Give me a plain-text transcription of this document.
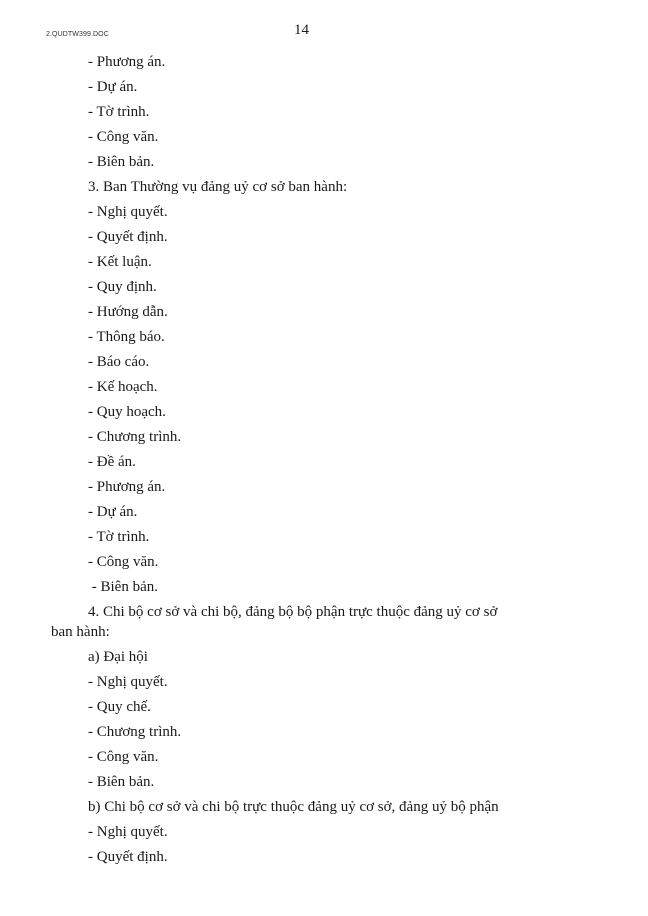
2.QUDTW399.DOC	14
- Phương án.
- Dự án.
- Tờ trình.
- Công văn.
- Biên bản.
3. Ban Thường vụ đảng uỷ cơ sở ban hành:
- Nghị quyết.
- Quyết định.
- Kết luận.
- Quy định.
- Hướng dẫn.
- Thông báo.
- Báo cáo.
- Kế hoạch.
- Quy hoạch.
- Chương trình.
- Đề án.
- Phương án.
- Dự án.
- Tờ trình.
- Công văn.
- Biên bản.
4. Chi bộ cơ sở và chi bộ, đảng bộ bộ phận trực thuộc đảng uỷ cơ sở
ban hành:
a) Đại hội
- Nghị quyết.
- Quy chế.
- Chương trình.
- Công văn.
- Biên bản.
b) Chi bộ cơ sở và chi bộ trực thuộc đảng uỷ cơ sở, đảng uỷ bộ phận
- Nghị quyết.
- Quyết định.
